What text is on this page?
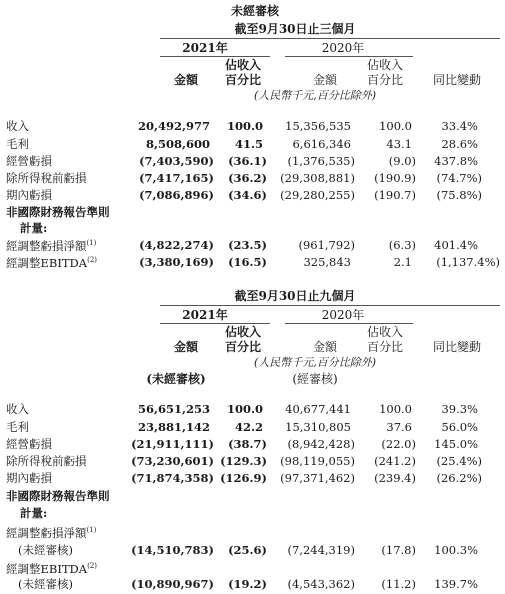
未經審核
截至9月30日止三個月
2021年	2020年
佔收入
百分比
金額	金額
佔收入
百分比	同比變動
(人民幣千元,百分比除外)
收入	20,492,977	100.0	15,356,535	100.0	33.4%
毛利	8,508,600	41.5	6,616,346	43.1	28.6%
經營虧損	(7,403,590)	(36.1)	(1,376,535)	(9.0)	437.8%
除所得稅前虧損	(7,417,165)	(36.2)	(29,308,881)	(190.9)	(74.7%)
期內虧損	(7,086,896)	(34.6)	(29,280,255)	(190.7)	(75.8%)
非國際財務報告準則
計量:
經調整虧損淨額$^{(1)}$	(4,822,274)	(23.5)	(961,792)	(6.3)	401.4%
經調整EBITDA$^{(2)}$	(3,380,169)	(16.5)	325,843	2.1	(1,137.4%)
截至9月30日止九個月
2021年	2020年
佔收入
百分比
金額	金額
佔收入
百分比	同比變動
(人民幣千元,百分比除外)
(未經審核)	(經審核)
收入	56,651,253	100.0	40,677,441	100.0	39.3%
毛利	23,881,142	42.2	15,310,805	37.6	56.0%
經營虧損	(21,911,111)	(38.7)	(8,942,428)	(22.0)	145.0%
除所得稅前虧損	(73,230,601) (129.3)	(98,119,055)	(241.2)	(25.4%)
期內虧損	(71,874,358) (126.9)	(97,371,462)	(239.4)	(26.2%)
非國際財務報告準則
計量:
經調整虧損淨額$^{(1)}$
(未經審核)	(14,510,783)	(25.6)	(7,244,319)	(17.8)	100.3%
經調整EBITDA$^{(2)}$
(未經審核)	(10,890,967)	(19.2)	(4,543,362)	(11.2)	139.7%
